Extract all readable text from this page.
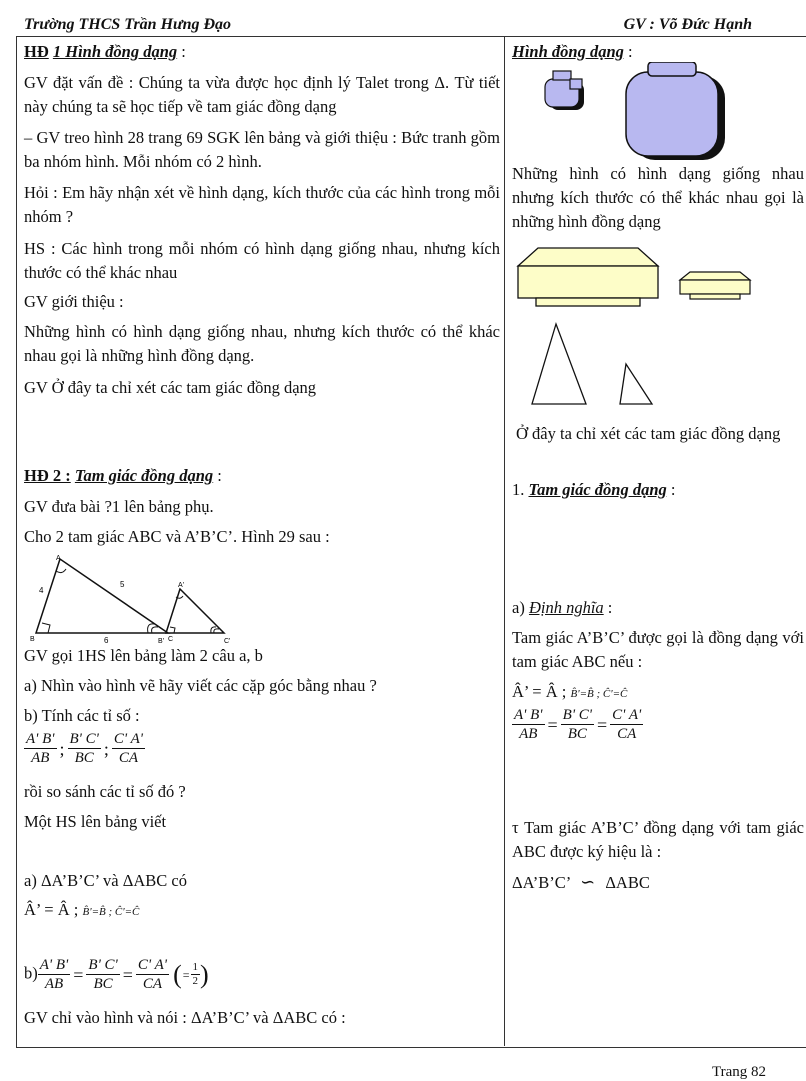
Trường THCS Trần Hưng Đạo	GV : Võ Đức Hạnh
HĐ 1 Hình đồng dạng :
GV đặt vấn đề : Chúng ta vừa được học định lý Talet trong Δ. Từ tiết này chúng ta sẽ học tiếp về tam giác đồng dạng
– GV treo hình 28 trang 69 SGK lên bảng và giới thiệu : Bức tranh gồm ba nhóm hình. Mỗi nhóm có 2 hình.
Hỏi : Em hãy nhận xét về hình dạng, kích thước của các hình trong mỗi nhóm ?
HS : Các hình trong mỗi nhóm có hình dạng giống nhau, nhưng kích thước có thể khác nhau
GV giới thiệu :
Những hình có hình dạng giống nhau, nhưng kích thước có thể khác nhau gọi là những hình đồng dạng.
GV Ở đây ta chỉ xét các tam giác đồng dạng
HĐ 2 : Tam giác đồng dạng :
GV đưa bài ?1 lên bảng phụ.
Cho 2 tam giác ABC và A’B’C’. Hình 29 sau :
A
B	C
4
5
6
A'
B'	C'
GV gọi 1HS lên bảng làm 2 câu a, b
a) Nhìn vào hình vẽ hãy viết các cặp góc bằng nhau ?
b) Tính các tỉ số :
$\frac{A' B'}{AB}$ ; $\frac{B' C'}{BC}$ ; $\frac{C' A'}{CA}$
rồi so sánh các tỉ số đó ?
Một HS lên bảng viết
a) ΔA’B’C’ và ΔABC có
Â’ = Â ; B̂'=B̂ ; Ĉ'=Ĉ
$b) \frac{A' B'}{AB} = \frac{B' C'}{BC} = \frac{C' A'}{CA}$ (= $\frac{1}{2}$ )
GV chỉ vào hình và nói : ΔA’B’C’ và ΔABC có :
Hình đồng dạng :
Những hình có hình dạng giống nhau nhưng kích thước có thể khác nhau gọi là những hình đồng dạng
Ở đây ta chỉ xét các tam giác đồng dạng
1. Tam giác đồng dạng :
a) Định nghĩa :
Tam giác A’B’C’ được gọi là đồng dạng với tam giác ABC nếu :
Â’ = Â ; B̂'=B̂ ; Ĉ'=Ĉ
$\frac{A' B'}{AB} = \frac{B' C'}{BC} = \frac{C' A'}{CA}$
τ Tam giác A’B’C’ đồng dạng với tam giác ABC được ký hiệu là :
ΔA’B’C’ ∽ ΔABC
Trang 82
